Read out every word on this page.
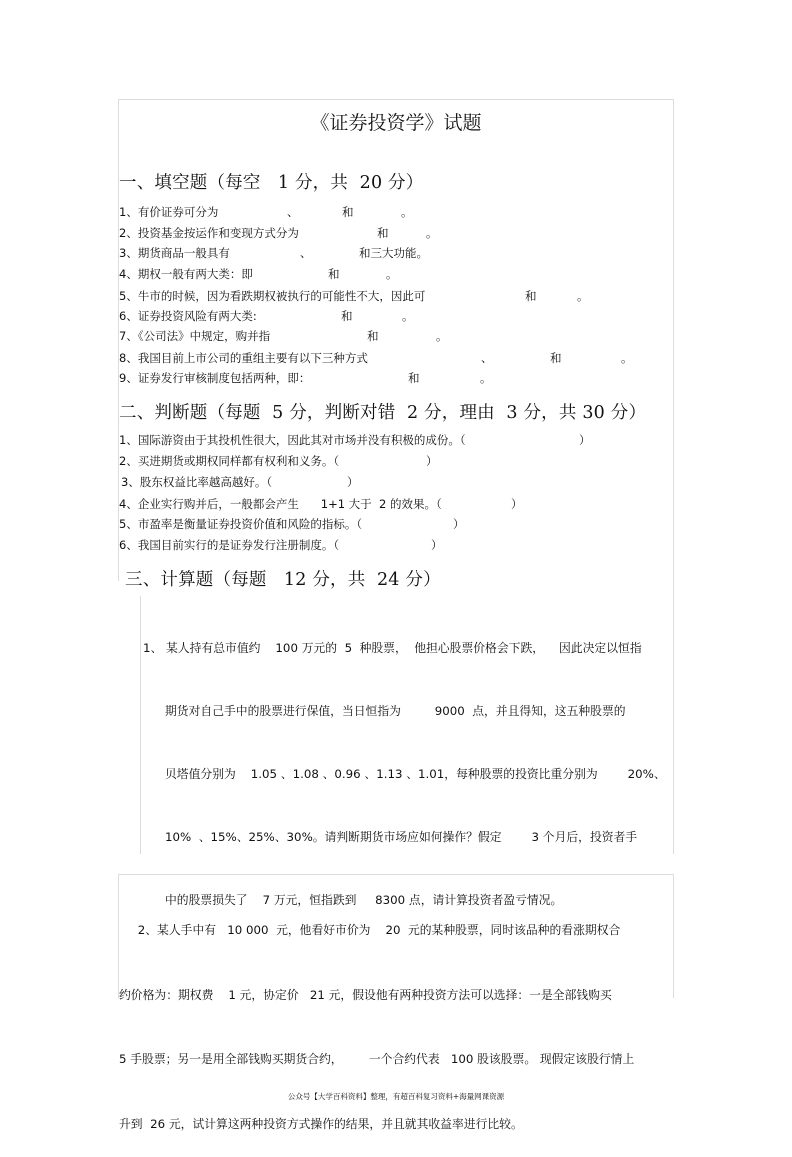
《证券投资学》试题
一、填空题（每空   1 分，共  20 分）
1、有价证券可分为	、	和	。
2、投资基金按运作和变现方式分为	和	。
3、期货商品一般具有	、	和三大功能。
4、期权一般有两大类：即	和	。
5、牛市的时候，因为看跌期权被执行的可能性不大，因此可	和	。
6、证券投资风险有两大类:	和	。
7、《公司法》中规定，购并指	和	。
8、我国目前上市公司的重组主要有以下三种方式	、	和	。
9、证券发行审核制度包括两种，即：	和	。
二、判断题（每题  5 分，判断对错  2 分，理由  3 分，共 30 分）
1、国际游资由于其投机性很大，因此其对市场并没有积极的成份。（	）
2、买进期货或期权同样都有权利和义务。（	）
3、股东权益比率越高越好。（	）
4、企业实行购并后，一般都会产生      1+1 大于  2 的效果。（	）
5、市盈率是衡量证券投资价值和风险的指标。（	）
6、我国目前实行的是证券发行注册制度。（	）
三、计算题（每题   12 分，共  24 分）

1、 某人持有总市值约    100 万元的  5  种股票，  他担心股票价格会下跌，    因此决定以恒指

期货对自己手中的股票进行保值，当日恒指为         9000  点，并且得知，这五种股票的

贝塔值分别为    1.05 、1.08 、0.96 、1.13 、1.01，每种股票的投资比重分别为        20%、

10%  、15%、25%、30%。请判断期货市场应如何操作？假定        3 个月后，投资者手

中的股票损失了    7 万元，恒指跌到     8300 点，请计算投资者盈亏情况。

2、某人手中有   10 000  元，他看好市价为    20  元的某种股票，同时该品种的看涨期权合

约价格为：期权费    1 元，协定价   21 元，假设他有两种投资方法可以选择：一是全部钱购买

5 手股票；另一是用全部钱购买期货合约，       一个合约代表   100 股该股票。 现假定该股行情上

升到  26 元，试计算这两种投资方式操作的结果，并且就其收益率进行比较。

公众号【大学百科资料】整理，有超百科复习资料+海量网课资源
